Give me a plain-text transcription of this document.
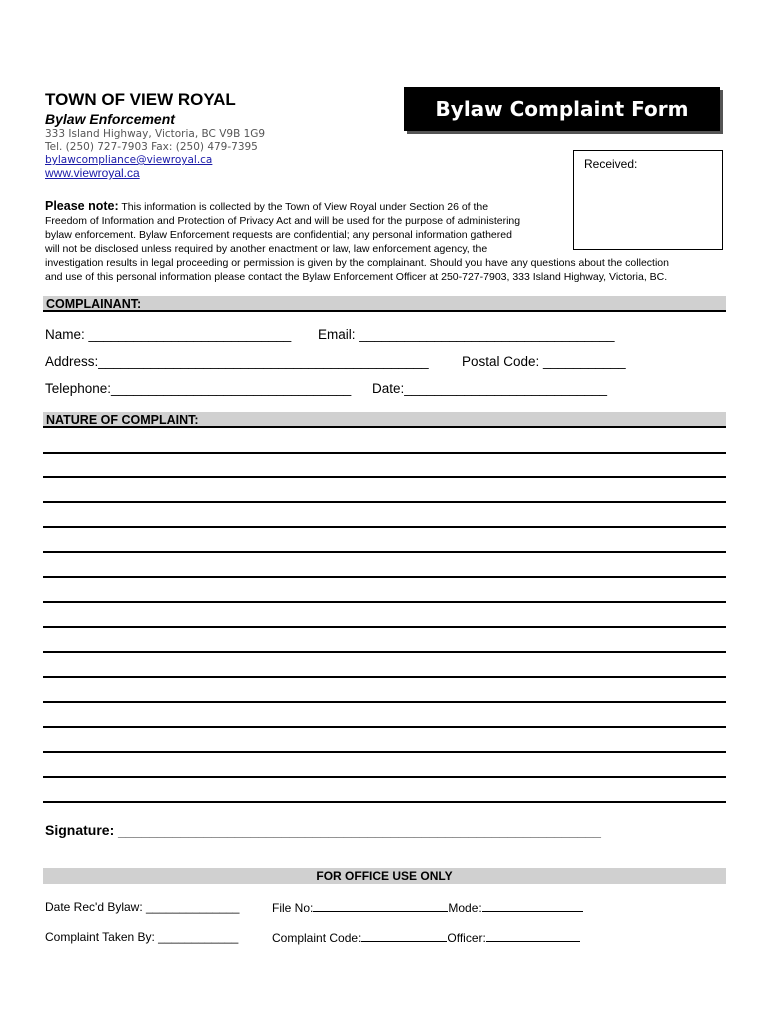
TOWN OF VIEW ROYAL
Bylaw Enforcement
333 Island Highway, Victoria, BC V9B 1G9
Tel. (250) 727-7903 Fax: (250) 479-7395
bylawcompliance@viewroyal.ca
www.viewroyal.ca
Bylaw Complaint Form
Received:
Please note: This information is collected by the Town of View Royal under Section 26 of the
Freedom of Information and Protection of Privacy Act and will be used for the purpose of administering
bylaw enforcement. Bylaw Enforcement requests are confidential; any personal information gathered
will not be disclosed unless required by another enactment or law, law enforcement agency, the
investigation results in legal proceeding or permission is given by the complainant. Should you have any questions about the collection
and use of this personal information please contact the Bylaw Enforcement Officer at 250-727-7903, 333 Island Highway, Victoria, BC.
COMPLAINANT:
Name: ___________________________ Email: __________________________________
Address:____________________________________________ Postal Code: ___________
Telephone:________________________________ Date:___________________________
NATURE OF COMPLAINT:
Signature: ______________________________________________________________
FOR OFFICE USE ONLY
Date Rec'd Bylaw: ______________	File No:	Mode:
Complaint Taken By: ____________	Complaint Code:	Officer:
